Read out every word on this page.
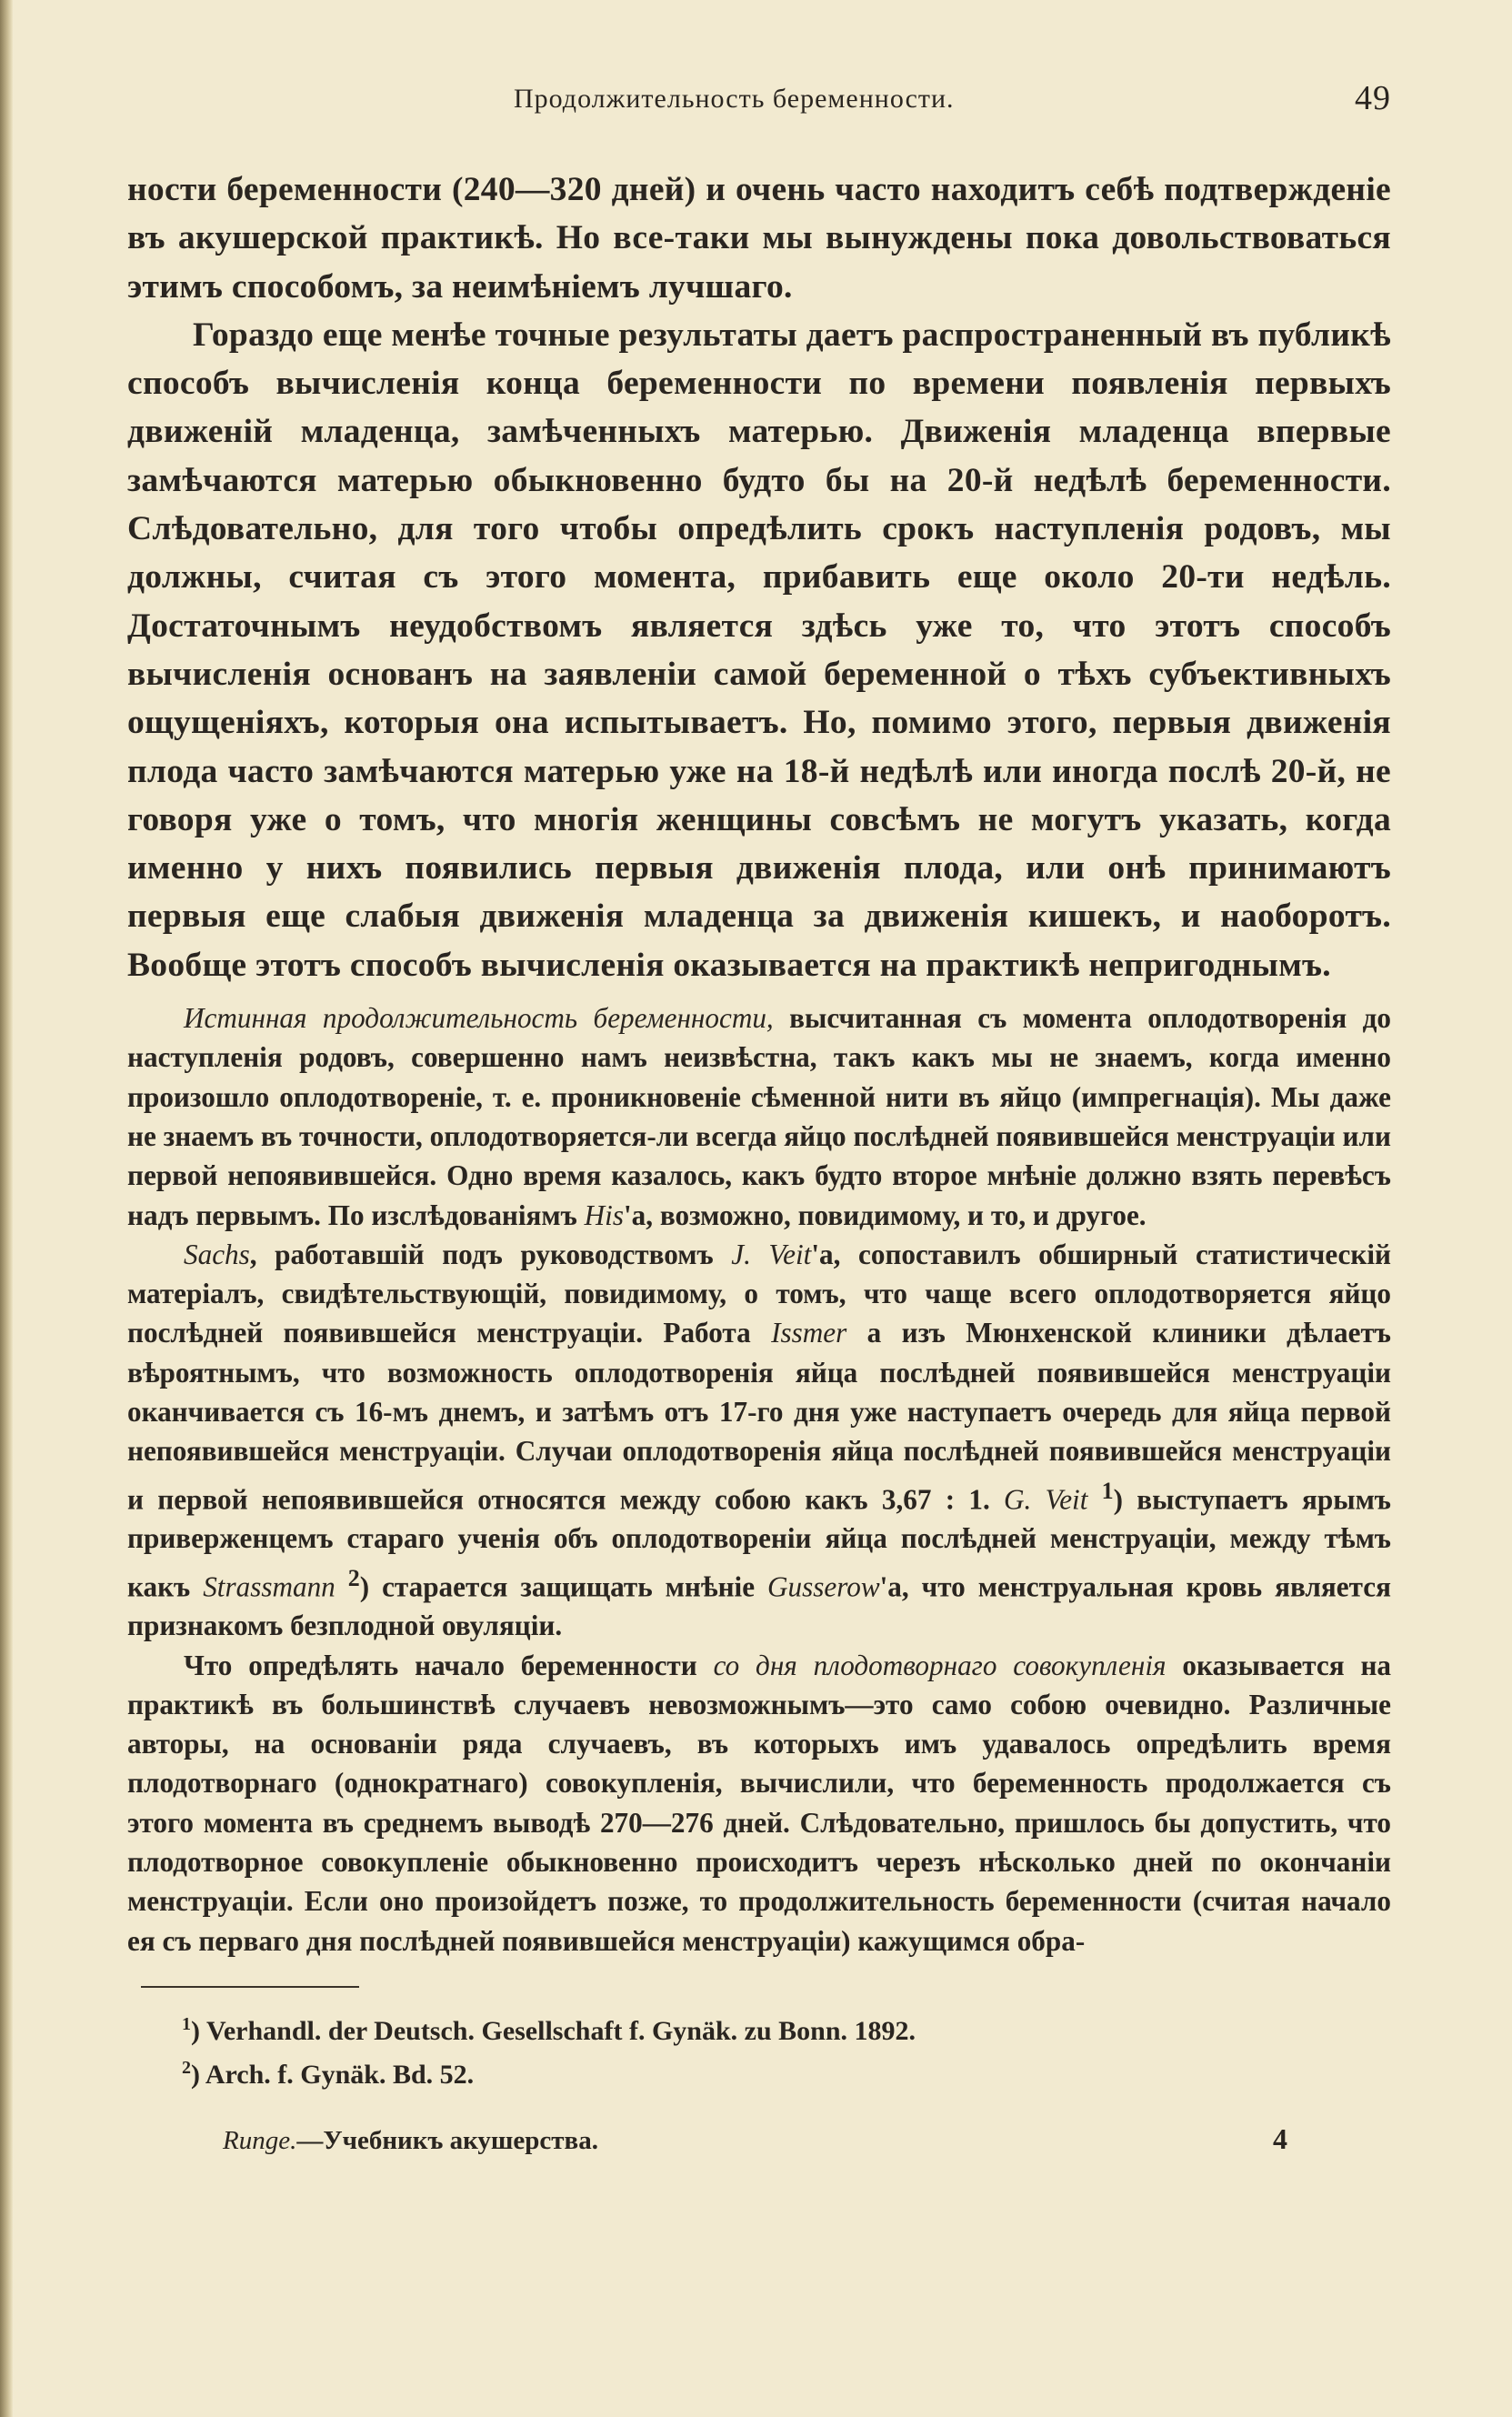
Продолжительность беременности.	49

ности беременности (240—320 дней) и очень часто находитъ себѣ подтвержденіе въ акушерской практикѣ. Но все-таки мы вынуждены пока довольствоваться этимъ способомъ, за неимѣніемъ лучшаго.

Гораздо еще менѣе точные результаты даетъ распространенный въ публикѣ способъ вычисленія конца беременности по времени появленія первыхъ движеній младенца, замѣченныхъ матерью. Движенія младенца впервые замѣчаются матерью обыкновенно будто бы на 20-й недѣлѣ беременности. Слѣдовательно, для того чтобы опредѣлить срокъ наступленія родовъ, мы должны, считая съ этого момента, прибавить еще около 20-ти недѣль. Достаточнымъ неудобствомъ является здѣсь уже то, что этотъ способъ вычисленія основанъ на заявленіи самой беременной о тѣхъ субъективныхъ ощущеніяхъ, которыя она испытываетъ. Но, помимо этого, первыя движенія плода часто замѣчаются матерью уже на 18-й недѣлѣ или иногда послѣ 20-й, не говоря уже о томъ, что многія женщины совсѣмъ не могутъ указать, когда именно у нихъ появились первыя движенія плода, или онѣ принимаютъ первыя еще слабыя движенія младенца за движенія кишекъ, и наоборотъ. Вообще этотъ способъ вычисленія оказывается на практикѣ непригоднымъ.

Истинная продолжительность беременности, высчитанная съ момента оплодотворенія до наступленія родовъ, совершенно намъ неизвѣстна, такъ какъ мы не знаемъ, когда именно произошло оплодотвореніе, т. е. проникновеніе сѣменной нити въ яйцо (импрегнація). Мы даже не знаемъ въ точности, оплодотворяется-ли всегда яйцо послѣдней появившейся менструаціи или первой непоявившейся. Одно время казалось, какъ будто второе мнѣніе должно взять перевѣсъ надъ первымъ. По изслѣдованіямъ His'а, возможно, повидимому, и то, и другое.

Sachs, работавшій подъ руководствомъ J. Veit'а, сопоставилъ обширный статистическій матеріалъ, свидѣтельствующій, повидимому, о томъ, что чаще всего оплодотворяется яйцо послѣдней появившейся менструаціи. Работа Issmer а изъ Мюнхенской клиники дѣлаетъ вѣроятнымъ, что возможность оплодотворенія яйца послѣдней появившейся менструаціи оканчивается съ 16-мъ днемъ, и затѣмъ отъ 17-го дня уже наступаетъ очередь для яйца первой непоявившейся менструаціи. Случаи оплодотворенія яйца послѣдней появившейся менструаціи и первой непоявившейся относятся между собою какъ 3,67 : 1. G. Veit $^1$) выступаетъ ярымъ приверженцемъ стараго ученія объ оплодотвореніи яйца послѣдней менструаціи, между тѣмъ какъ Strassmann $^2$) старается защищать мнѣніе Gusserow'а, что менструальная кровь является признакомъ безплодной овуляціи.

Что опредѣлять начало беременности со дня плодотворнаго совокупленія оказывается на практикѣ въ большинствѣ случаевъ невозможнымъ—это само собою очевидно. Различные авторы, на основаніи ряда случаевъ, въ которыхъ имъ удавалось опредѣлить время плодотворнаго (однократнаго) совокупленія, вычислили, что беременность продолжается съ этого момента въ среднемъ выводѣ 270—276 дней. Слѣдовательно, пришлось бы допустить, что плодотворное совокупленіе обыкновенно происходитъ черезъ нѣсколько дней по окончаніи менструаціи. Если оно произойдетъ позже, то продолжительность беременности (считая начало ея съ перваго дня послѣдней появившейся менструаціи) кажущимся обра-

$^1$) Verhandl. der Deutsch. Gesellschaft f. Gynäk. zu Bonn. 1892.
$^2$) Arch. f. Gynäk. Bd. 52.
Runge.—Учебникъ акушерства.	4
